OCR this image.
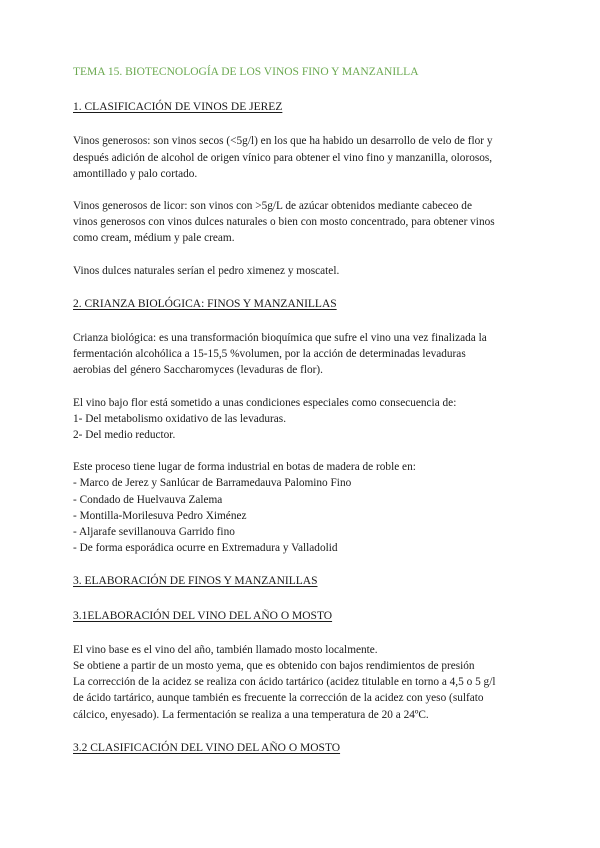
TEMA 15. BIOTECNOLOGÍA DE LOS VINOS FINO Y MANZANILLA
1. CLASIFICACIÓN DE VINOS DE JEREZ

Vinos generosos: son vinos secos (<5g/l) en los que ha habido un desarrollo de velo de flor y
después adición de alcohol de origen vínico para obtener el vino fino y manzanilla, olorosos,
amontillado y palo cortado.

Vinos generosos de licor: son vinos con >5g/L de azúcar obtenidos mediante cabeceo de
vinos generosos con vinos dulces naturales o bien con mosto concentrado, para obtener vinos
como cream, médium y pale cream.

Vinos dulces naturales serían el pedro ximenez y moscatel.

2. CRIANZA BIOLÓGICA: FINOS Y MANZANILLAS

Crianza biológica: es una transformación bioquímica que sufre el vino una vez finalizada la
fermentación alcohólica a 15-15,5 %volumen, por la acción de determinadas levaduras
aerobias del género Saccharomyces (levaduras de flor).

El vino bajo flor está sometido a unas condiciones especiales como consecuencia de:
1- Del metabolismo oxidativo de las levaduras.
2- Del medio reductor.

Este proceso tiene lugar de forma industrial en botas de madera de roble en:

- Marco de Jerez y Sanlúcar de Barramedauva Palomino Fino
- Condado de Huelvauva Zalema
- Montilla-Morilesuva Pedro Ximénez
- Aljarafe sevillanouva Garrido fino
- De forma esporádica ocurre en Extremadura y Valladolid
3. ELABORACIÓN DE FINOS Y MANZANILLAS
3.1ELABORACIÓN DEL VINO DEL AÑO O MOSTO

El vino base es el vino del año, también llamado mosto localmente.
Se obtiene a partir de un mosto yema, que es obtenido con bajos rendimientos de presión
La corrección de la acidez se realiza con ácido tartárico (acidez titulable en torno a 4,5 o 5 g/l
de ácido tartárico, aunque también es frecuente la corrección de la acidez con yeso (sulfato
cálcico, enyesado). La fermentación se realiza a una temperatura de 20 a 24ºC.

3.2 CLASIFICACIÓN DEL VINO DEL AÑO O MOSTO
